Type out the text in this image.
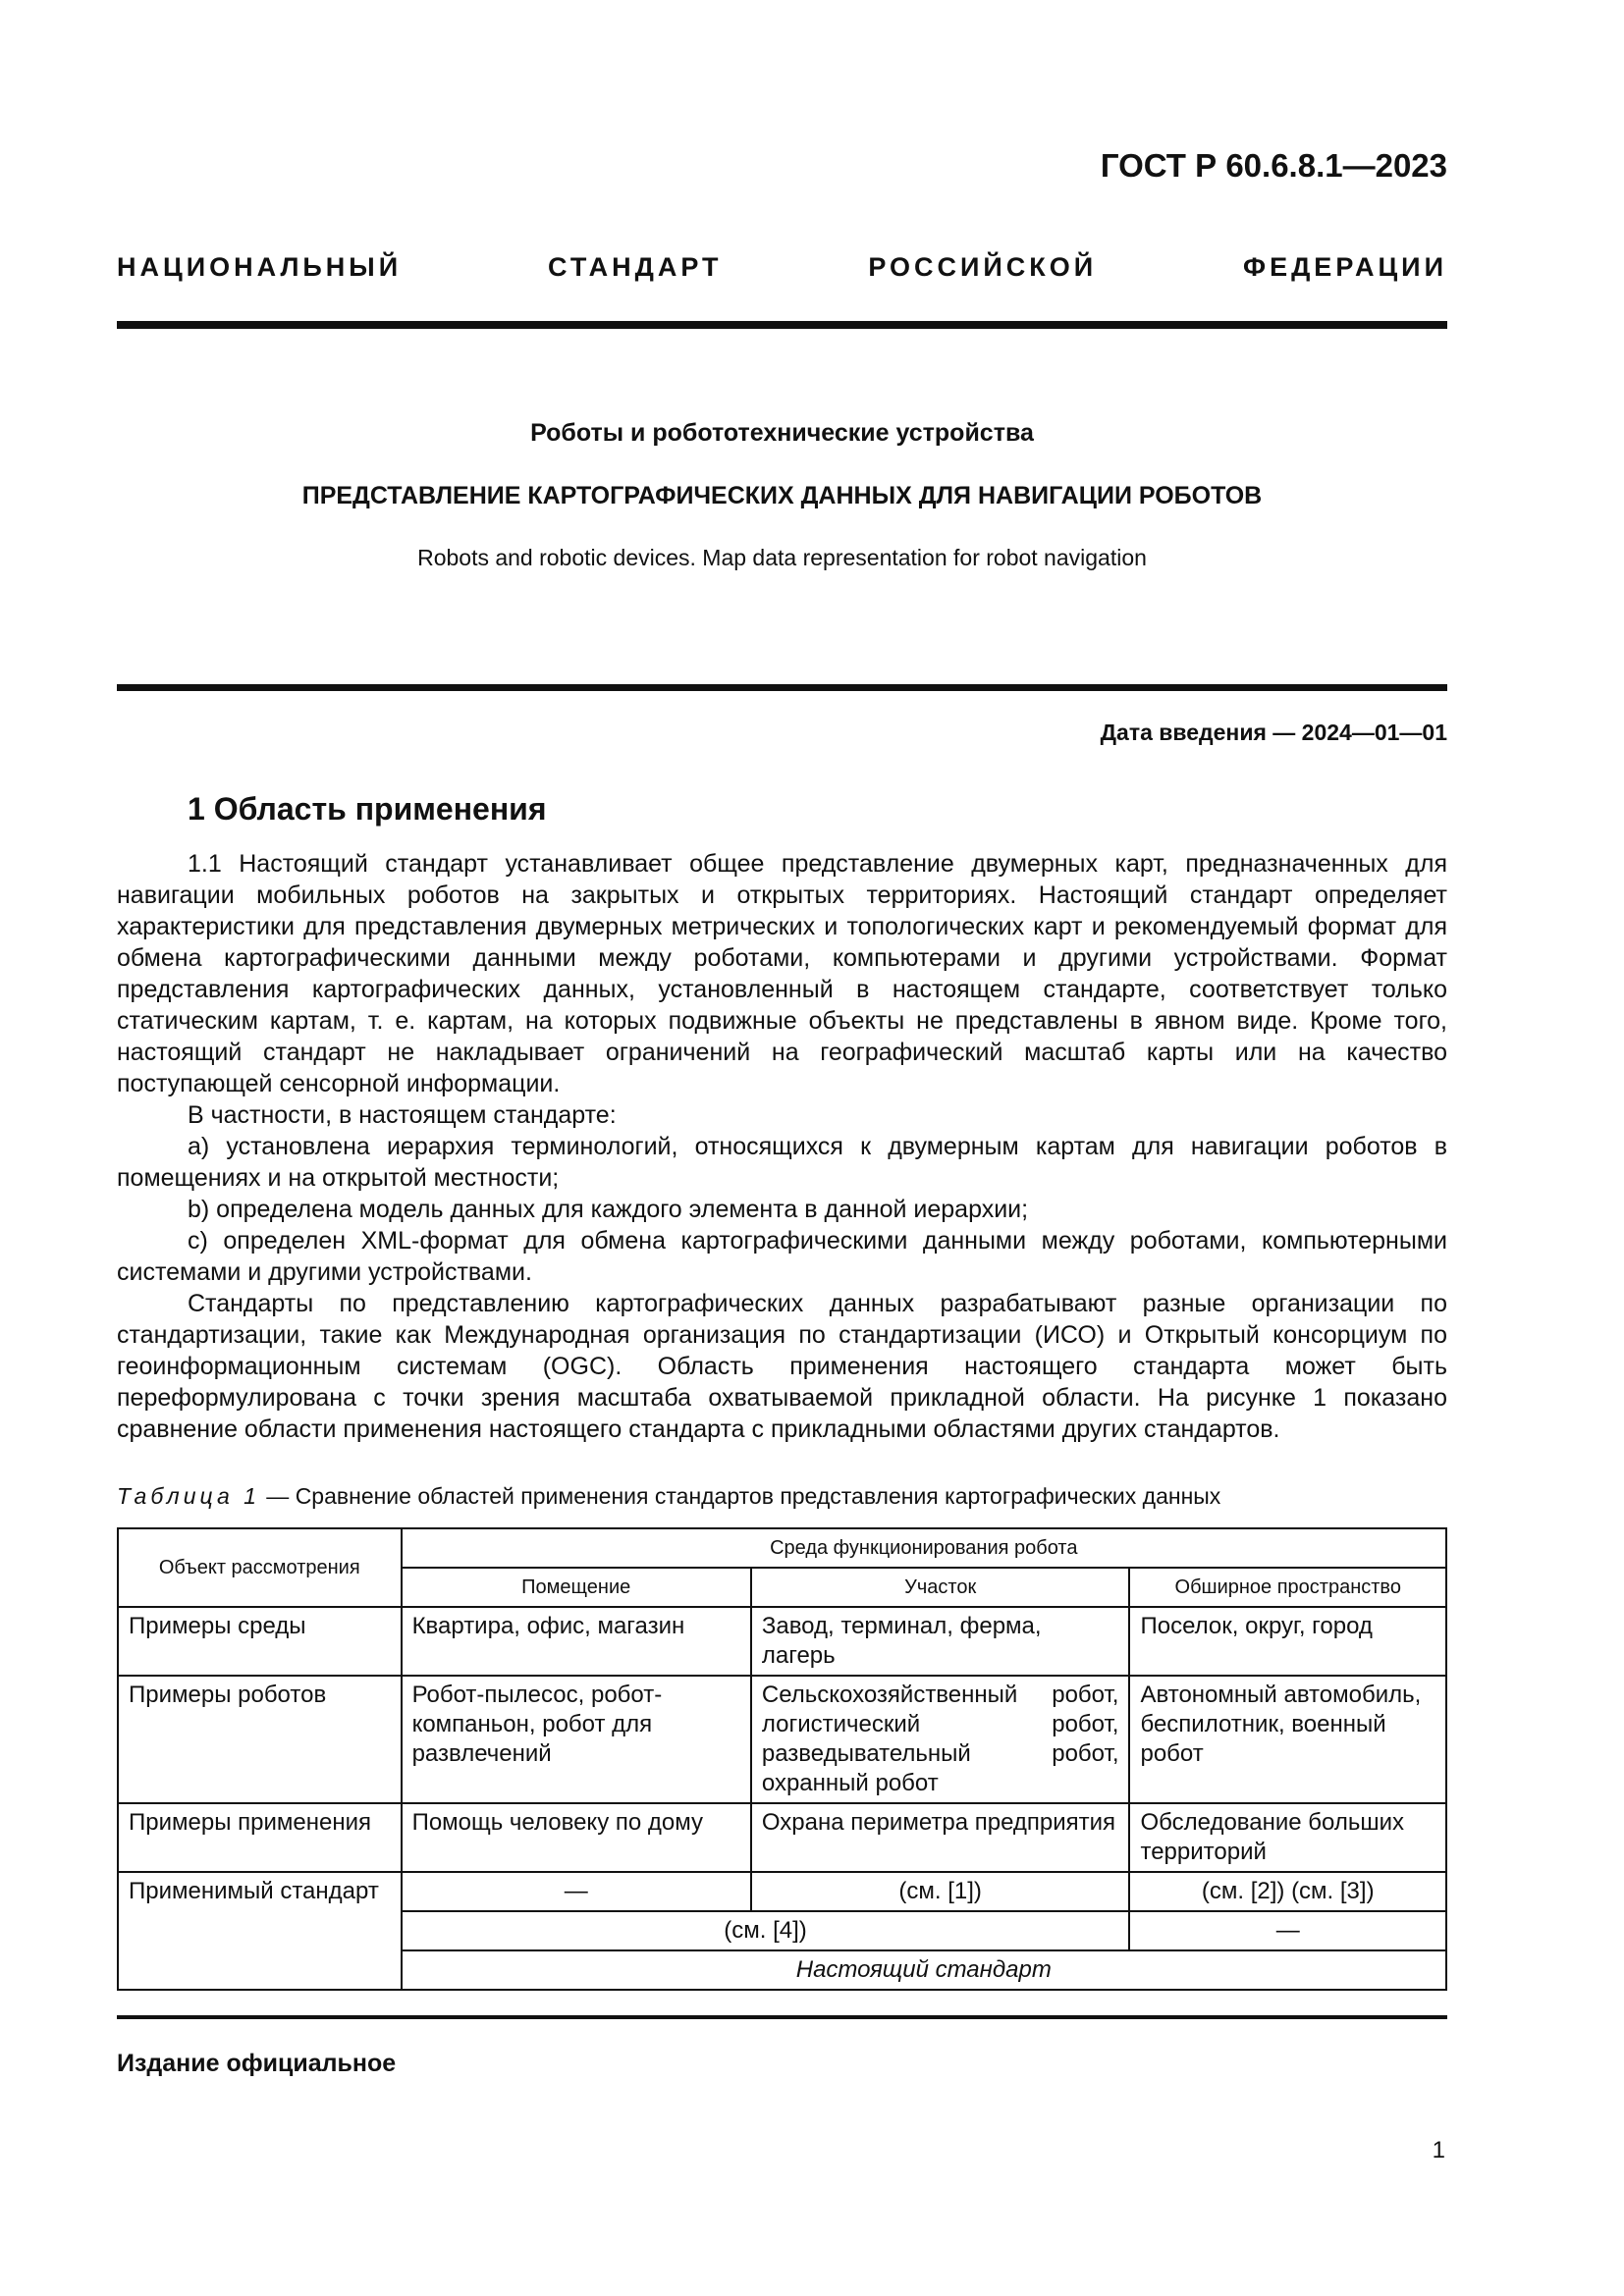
ГОСТ Р 60.6.8.1—2023
НАЦИОНАЛЬНЫЙ СТАНДАРТ РОССИЙСКОЙ ФЕДЕРАЦИИ
Роботы и робототехнические устройства
ПРЕДСТАВЛЕНИЕ КАРТОГРАФИЧЕСКИХ ДАННЫХ ДЛЯ НАВИГАЦИИ РОБОТОВ
Robots and robotic devices. Map data representation for robot navigation
Дата введения — 2024—01—01
1 Область применения

1.1 Настоящий стандарт устанавливает общее представление двумерных карт, предназначенных для навигации мобильных роботов на закрытых и открытых территориях. Настоящий стандарт определяет характеристики для представления двумерных метрических и топологических карт и рекомендуемый формат для обмена картографическими данными между роботами, компьютерами и другими устройствами. Формат представления картографических данных, установленный в настоящем стандарте, соответствует только статическим картам, т. е. картам, на которых подвижные объекты не представлены в явном виде. Кроме того, настоящий стандарт не накладывает ограничений на географический масштаб карты или на качество поступающей сенсорной информации.

В частности, в настоящем стандарте:

a) установлена иерархия терминологий, относящихся к двумерным картам для навигации роботов в помещениях и на открытой местности;

b) определена модель данных для каждого элемента в данной иерархии;

c) определен XML-формат для обмена картографическими данными между роботами, компьютерными системами и другими устройствами.

Стандарты по представлению картографических данных разрабатывают разные организации по стандартизации, такие как Международная организация по стандартизации (ИСО) и Открытый консорциум по геоинформационным системам (OGC). Область применения настоящего стандарта может быть переформулирована с точки зрения масштаба охватываемой прикладной области. На рисунке 1 показано сравнение области применения настоящего стандарта с прикладными областями других стандартов.

Таблица 1 — Сравнение областей применения стандартов представления картографических данных
Объект рассмотрения	Среда функционирования робота		
	Помещение	Участок	Обширное пространство
Примеры среды	Квартира, офис, магазин	Завод, терминал, ферма, лагерь	Поселок, округ, город
Примеры роботов	Робот-пылесос, робот-компаньон, робот для развлечений	Сельскохозяйственный робот, логистический робот, разведывательный робот, охранный робот	Автономный автомобиль, беспилотник, военный робот
Примеры применения	Помощь человеку по дому	Охрана периметра предприятия	Обследование больших территорий
Применимый стандарт	—	(см. [1])	(см. [2]) (см. [3])
	(см. [4])		—
	Настоящий стандарт		
Издание официальное
1
